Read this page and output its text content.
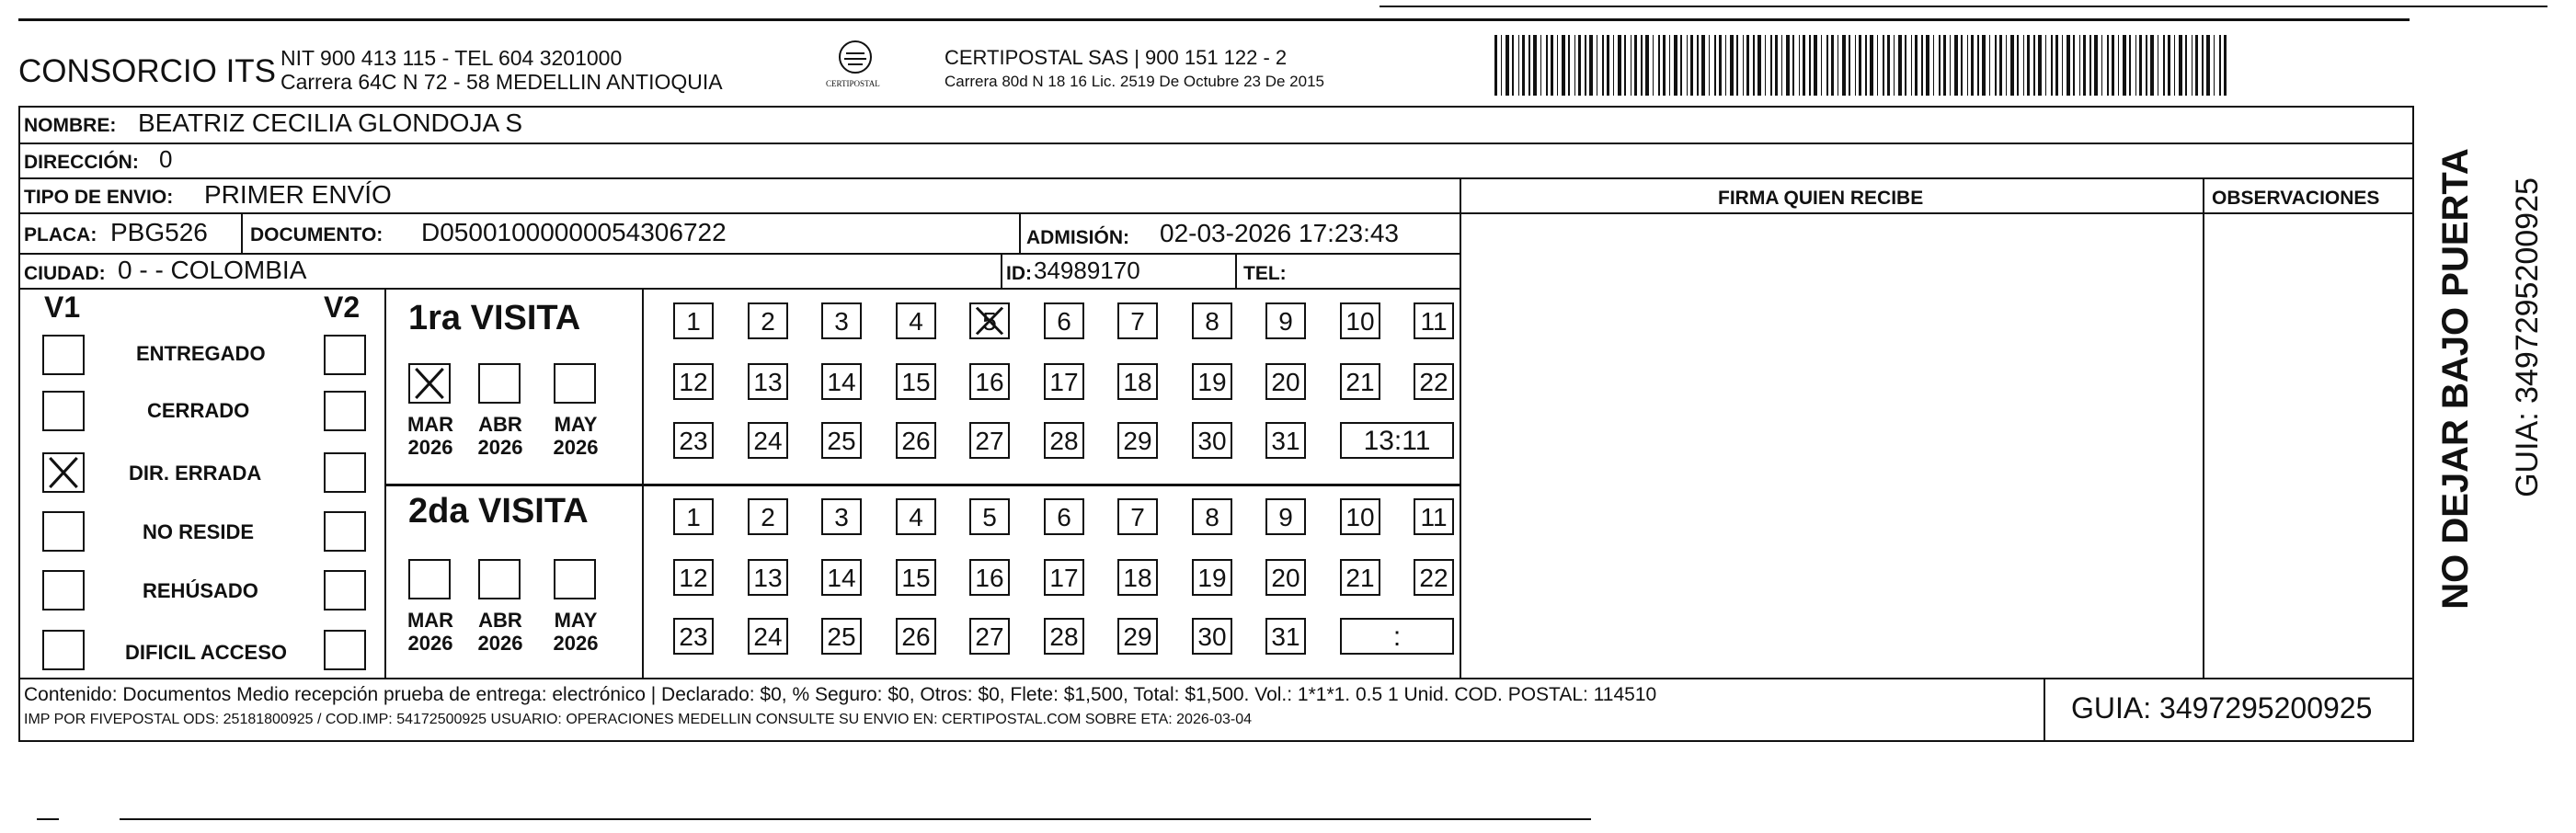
CONSORCIO ITS NIT 900 413 115 - TEL 604 3201000
Carrera 64C N 72 - 58 MEDELLIN ANTIOQUIA	CERTIPOSTAL
CERTIPOSTAL SAS | 900 151 122 - 2
Carrera 80d N 18 16 Lic. 2519 De Octubre 23 De 2015
NOMBRE: BEATRIZ CECILIA GLONDOJA S
DIRECCIÓN: 0
TIPO DE ENVIO: PRIMER ENVÍO
PLACA: PBG526 DOCUMENTO: D05001000000054306722	ADMISIÓN: 02-03-2026 17:23:43
CIUDAD: 0 - - COLOMBIA	ID: 34989170	TEL:
FIRMA QUIEN RECIBE	OBSERVACIONES
V1	V2
ENTREGADO
CERRADO
DIR. ERRADA
NO RESIDE
REHÚSADO
DIFICIL ACCESO
1ra VISITA
MAR
2026
ABR
2026
MAY
2026
1	2	3	4	5	6	7	8	9	10 11
12 13 14 15 16 17 18 19 20 21 22
23 24 25 26 27 28 29 30 31	13:11
2da VISITA
MAR
2026
ABR
2026
MAY
2026
1	2	3	4	5	6	7	8	9	10 11
12 13 14 15 16 17 18 19 20 21 22
23 24 25 26 27 28 29 30 31	:
Contenido: Documentos Medio recepción prueba de entrega: electrónico | Declarado: $0, % Seguro: $0, Otros: $0, Flete: $1,500, Total: $1,500. Vol.: 1*1*1. 0.5 1 Unid. COD. POSTAL: 114510
IMP POR FIVEPOSTAL ODS: 25181800925 / COD.IMP: 54172500925 USUARIO: OPERACIONES MEDELLIN CONSULTE SU ENVIO EN: CERTIPOSTAL.COM SOBRE ETA: 2026-03-04	GUIA: 3497295200925
NO DEJAR BAJO PUERTA GUIA: 3497295200925
